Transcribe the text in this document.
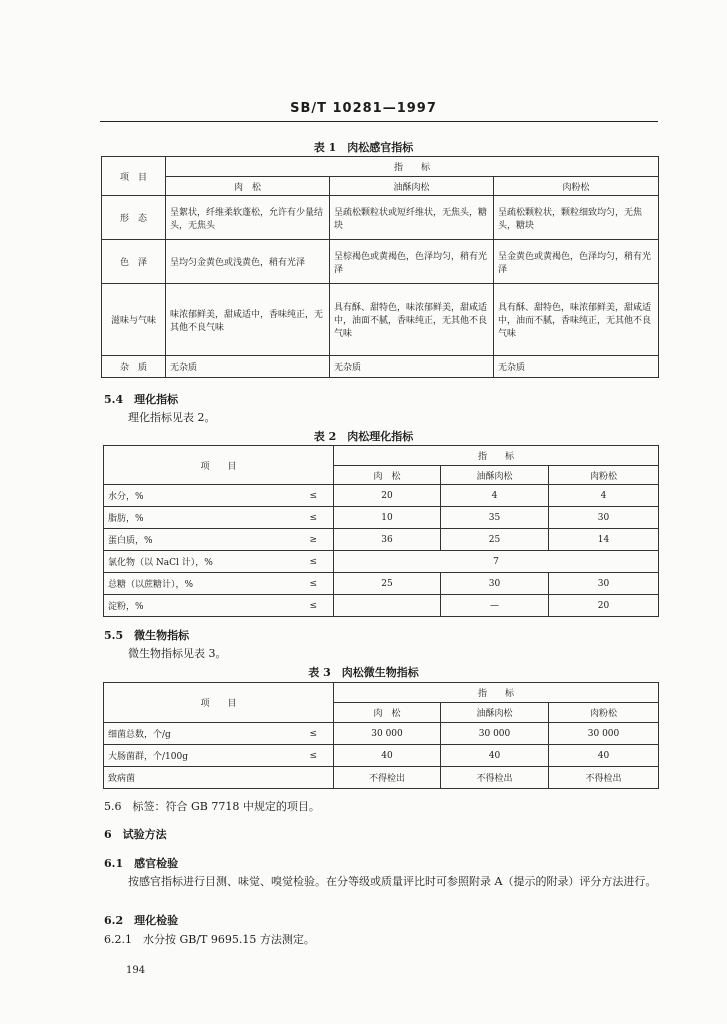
SB/T 10281—1997
表 1　肉松感官指标
项　目	指　　标		
	肉　松	油酥肉松	肉粉松
形　态	呈絮状，纤维柔软蓬松，允许有少量结头，无焦头	呈疏松颗粒状或短纤维状，无焦头，糖块	呈疏松颗粒状，颗粒细致均匀，无焦头，糖块
色　泽	呈均匀金黄色或浅黄色，稍有光泽	呈棕褐色或黄褐色，色泽均匀，稍有光泽	呈金黄色或黄褐色，色泽均匀，稍有光泽
滋味与气味	味浓郁鲜美，甜咸适中，香味纯正，无其他不良气味	具有酥、甜特色，味浓郁鲜美，甜咸适中，油面不腻，香味纯正，无其他不良气味	具有酥、甜特色，味浓郁鲜美，甜咸适中，油而不腻，香味纯正，无其他不良气味
杂　质	无杂质	无杂质	无杂质
5.4　理化指标
理化指标见表 2。
表 2　肉松理化指标
项　　目		指　　标		
		肉　松	油酥肉松	肉粉松
水分，%	≤	20	4	4
脂肪，%	≤	10	35	30
蛋白质，%	≥	36	25	14
氯化物（以 NaCl 计），%	≤	7		
总糖（以蔗糖计），%	≤	25	30	30
淀粉，%	≤		—	20
5.5　微生物指标
微生物指标见表 3。
表 3　肉松微生物指标
项　　目		指　　标		
		肉　松	油酥肉松	肉粉松
细菌总数，个/g	≤	30 000	30 000	30 000
大肠菌群，个/100g	≤	40	40	40
致病菌		不得检出	不得检出	不得检出
5.6　标签：符合 GB 7718 中规定的项目。
6　试验方法
6.1　感官检验
按感官指标进行目测、味觉、嗅觉检验。在分等级或质量评比时可参照附录 A（提示的附录）评分方法进行。
6.2　理化检验
6.2.1　水分按 GB/T 9695.15 方法测定。
194
